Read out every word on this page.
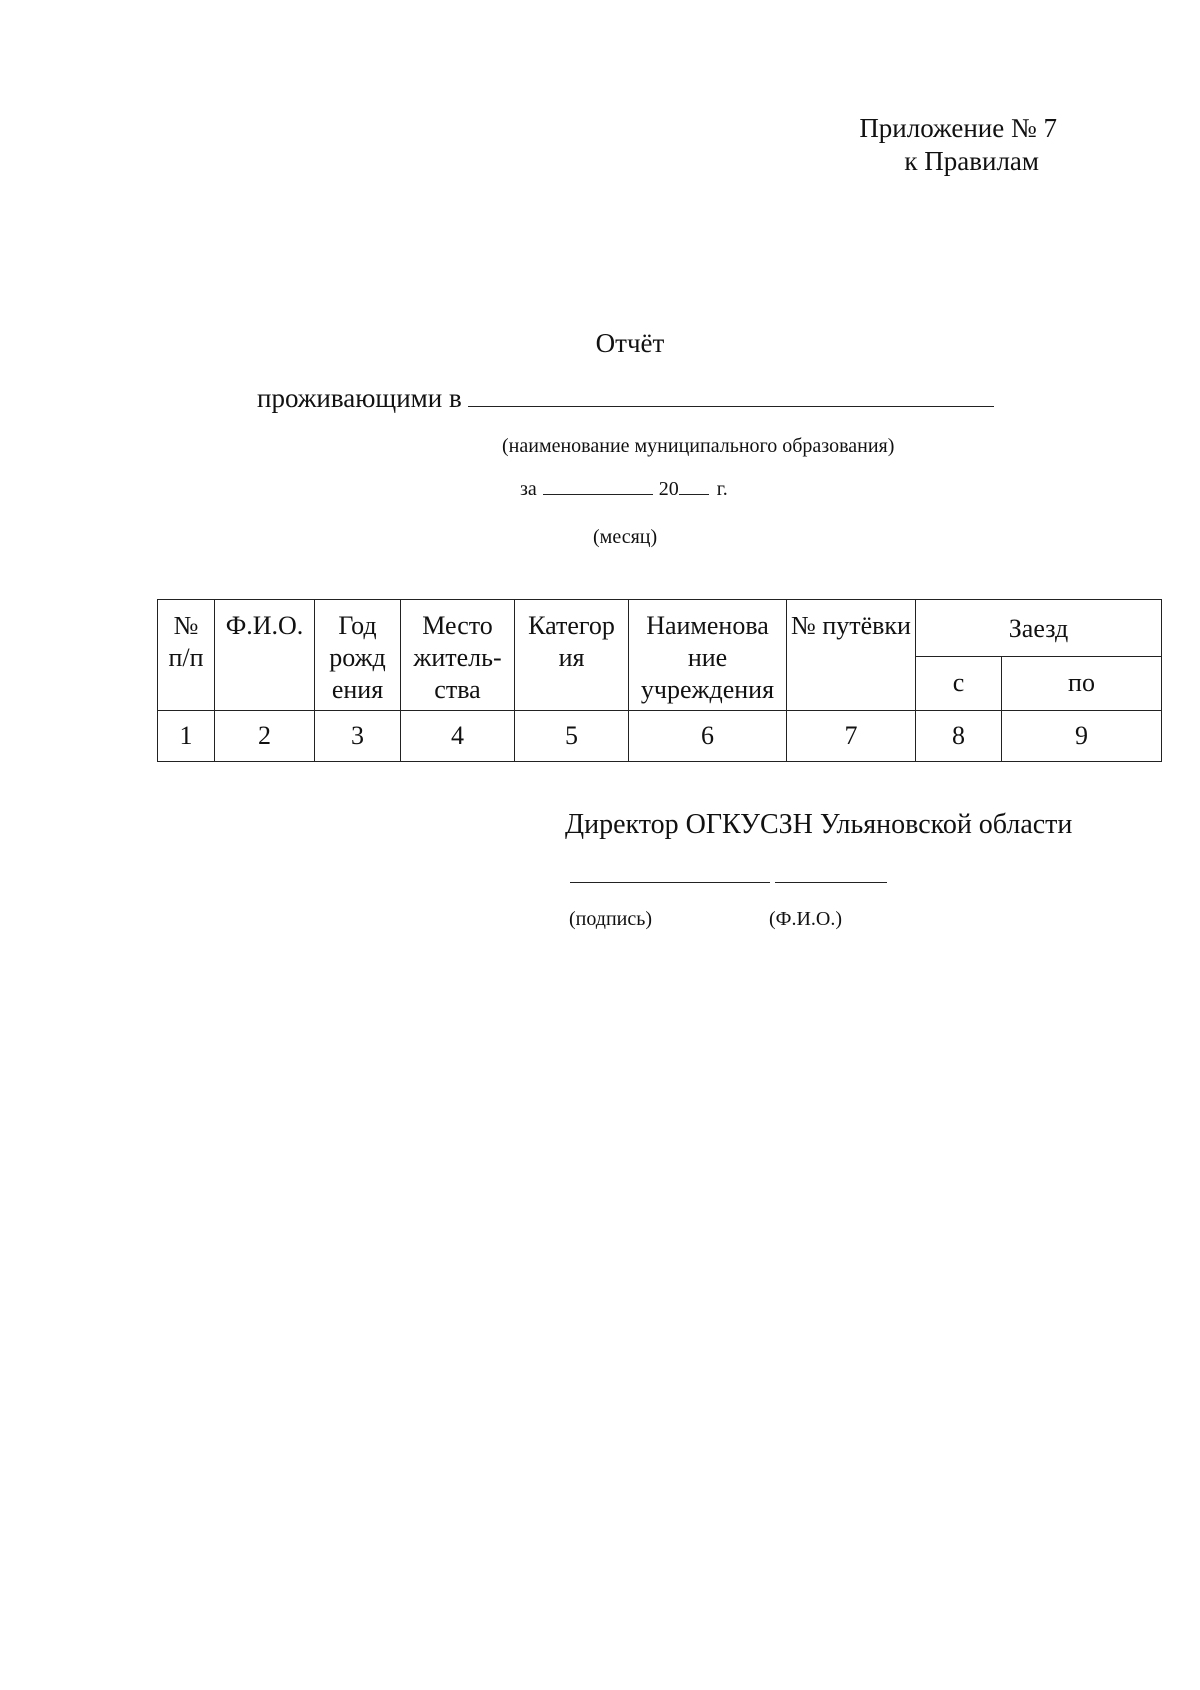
Приложение № 7
к Правилам
Отчёт
проживающими в
(наименование муниципального образования)
за	20 г.
(месяц)
№ п/п	Ф.И.О.	Год рожд ения	Место житель-ства	Категор ия	Наименова ние учреждения	№ путёвки	Заезд	
							с	по
1	2	3	4	5	6	7	8	9
Директор ОГКУСЗН Ульяновской области
(подпись)	(Ф.И.О.)
